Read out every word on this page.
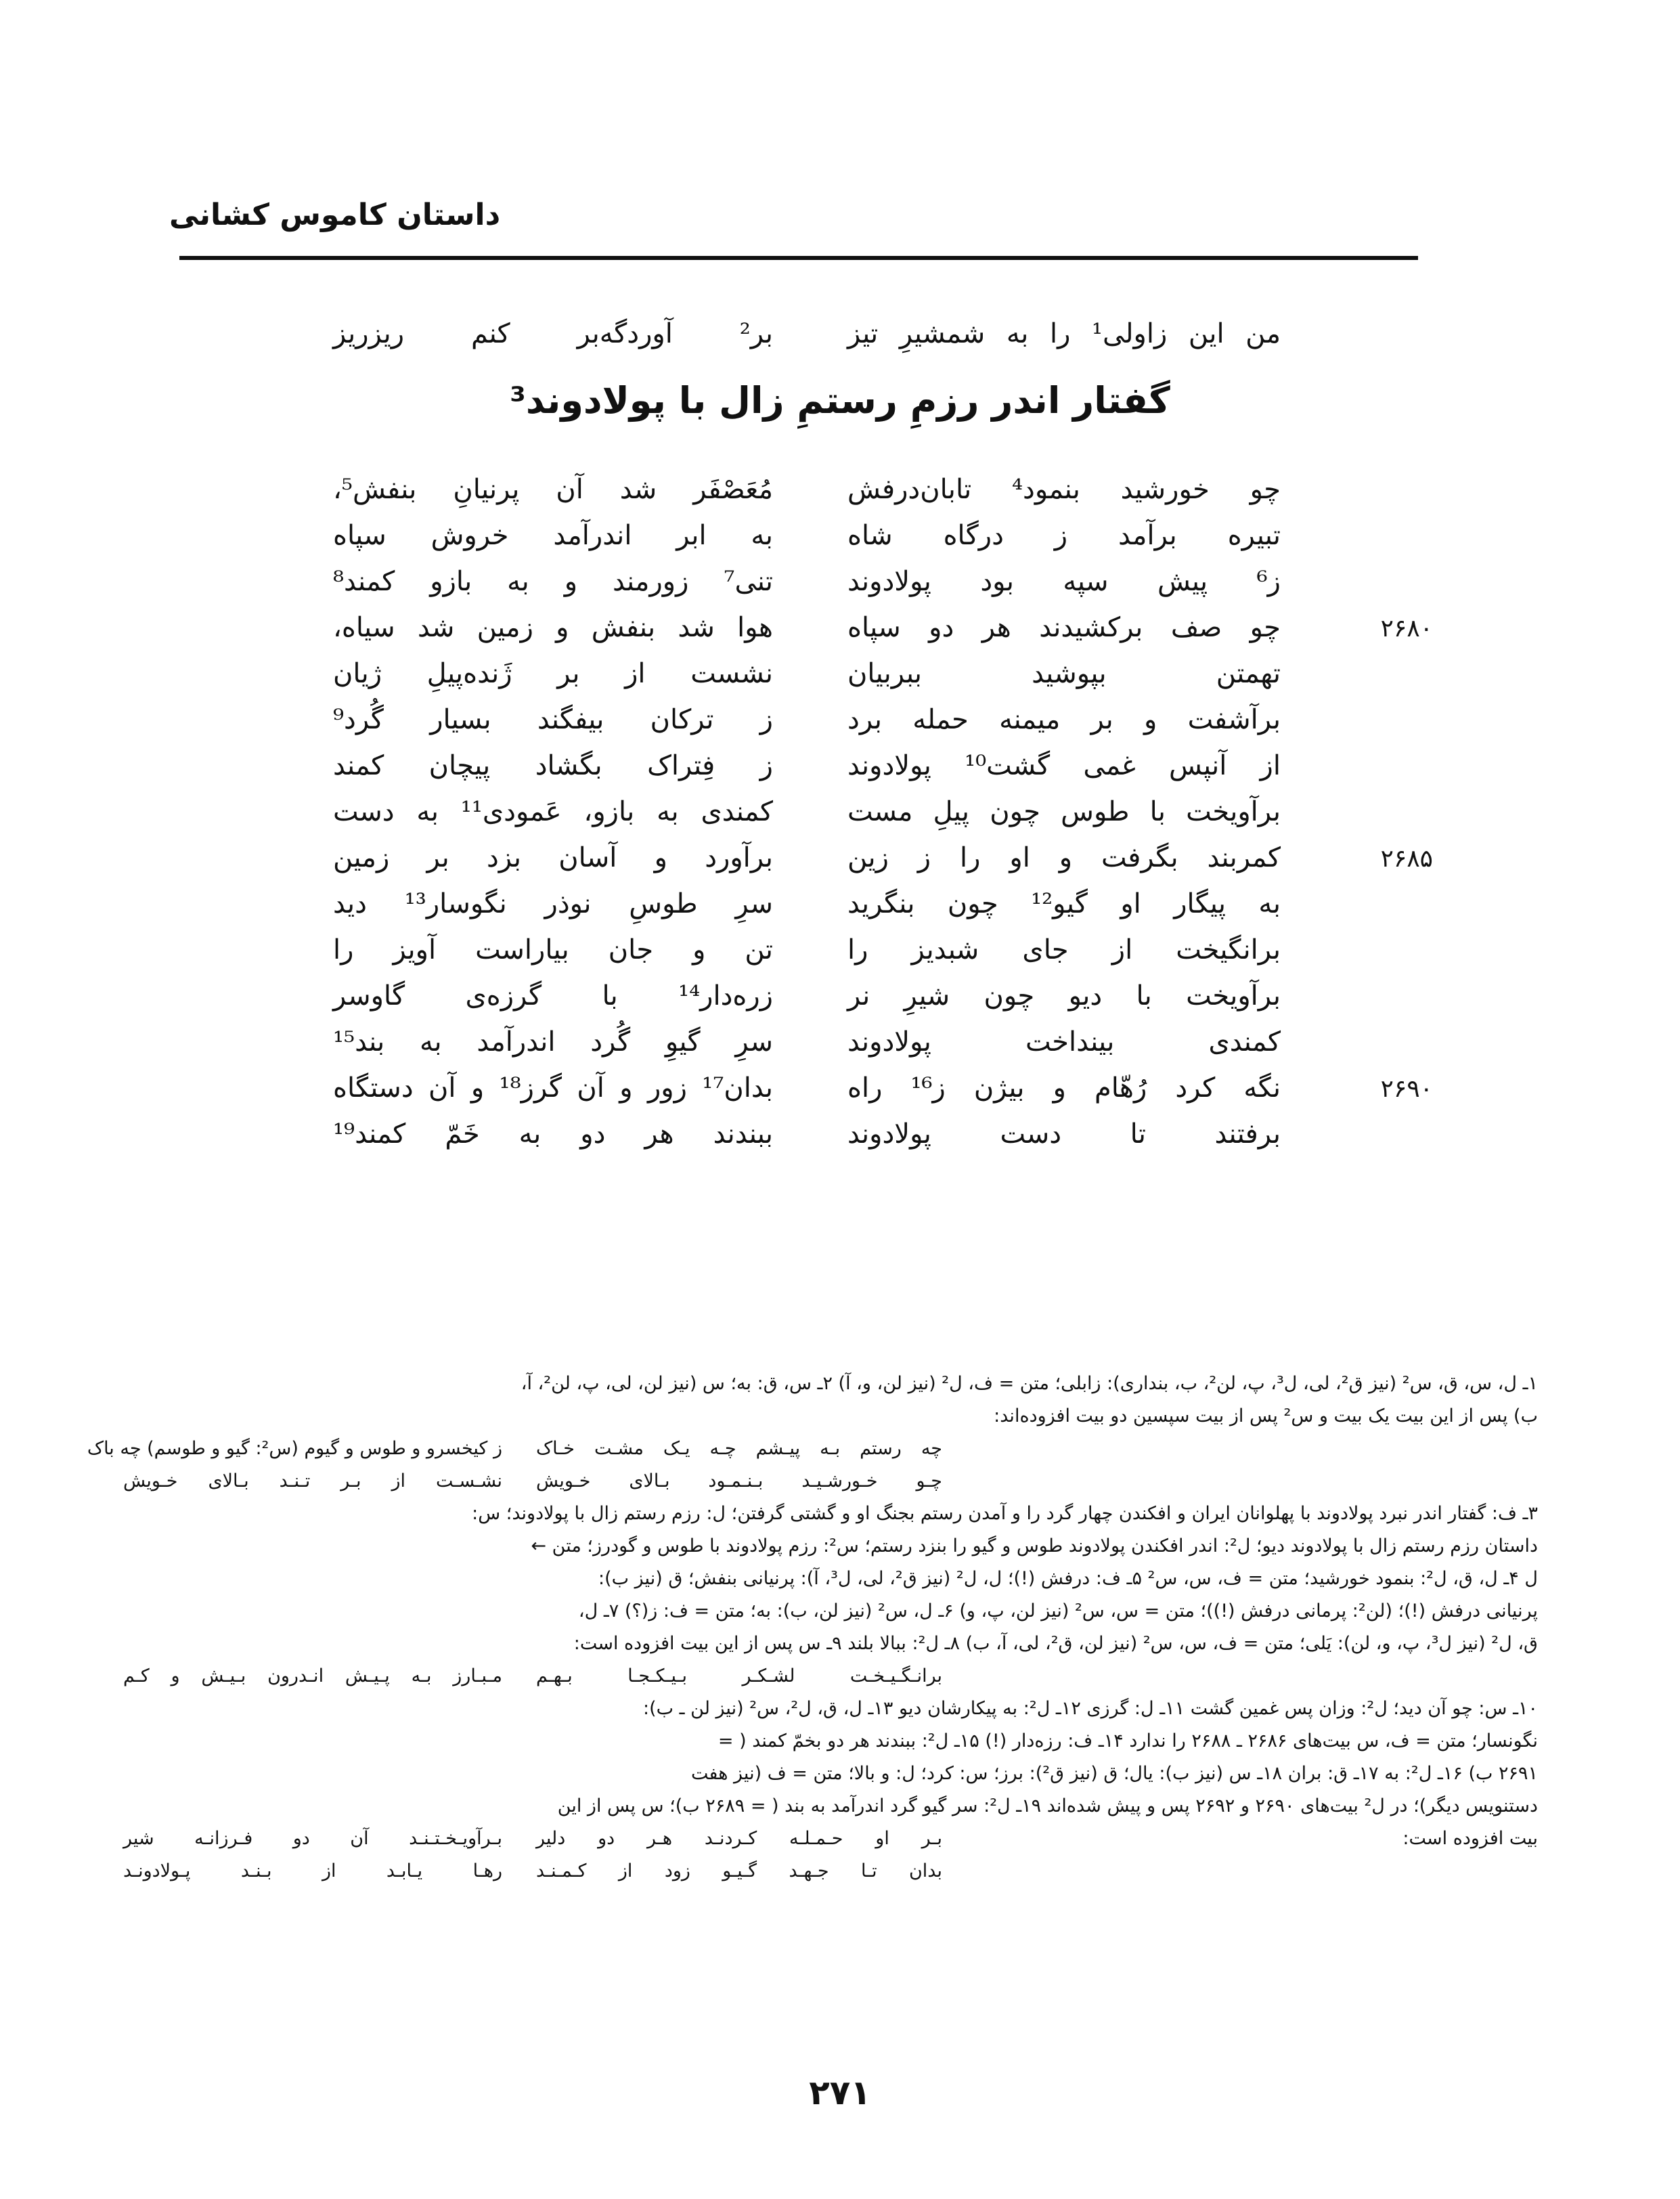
داستان کاموس کشانی
من این زاولی¹ را به شمشیرِ تیز
بر² آوردگه‌بر کنم ریزریز
گفتار اندر رزمِ رستمِ زال با پولادوند³
چو خورشید بنمود⁴ تابان‌درفش
مُعَصْفَر شد آن پرنیانِ بنفش⁵،
تبیره برآمد ز درگاه شاه
به ابر اندرآمد خروش سپاه
ز⁶ پیش سپه بود پولادوند
تنی⁷ زورمند و به بازو کمند⁸
۲۶۸۰
چو صف برکشیدند هر دو سپاه
هوا شد بنفش و زمین شد سیاه،
تهمتن بپوشید ببربیان
نشست از بر ژَنده‌پیلِ ژیان
برآشفت و بر میمنه حمله برد
ز ترکان بیفگند بسیار گُرد⁹
از آنپس غمی گشت¹⁰ پولادوند
ز فِتراک بگشاد پیچان کمند
برآویخت با طوس چون پیلِ مست
کمندی به بازو، عَمودی¹¹ به دست
۲۶۸۵
کمربند بگرفت و او را ز زین
برآورد و آسان بزد بر زمین
به پیگار او گیو¹² چون بنگرید
سرِ طوسِ نوذر نگوسار¹³ دید
برانگیخت از جای شبدیز را
تن و جان بیاراست آویز را
برآویخت با دیو چون شیرِ نر
زره‌دار¹⁴ با گرزه‌ی گاوسر
کمندی بینداخت پولادوند
سرِ گیوِ گُرد اندرآمد به بند¹⁵
۲۶۹۰
نگه کرد رُهّام و بیژن ز¹⁶ راه
بدان¹⁷ زور و آن گرز¹⁸ و آن دستگاه
برفتند تا دست پولادوند
ببندند هر دو به خَمّ کمند¹⁹
۱ـ ل، س، ق، س² (نیز ق²، لی، ل³، پ، لن²، ب، بنداری): زابلی؛ متن = ف، ل² (نیز لن، و، آ) ۲ـ س، ق: به؛ س (نیز لن، لی، پ، لن²، آ،
ب) پس از این بیت یک بیت و س² پس از بیت سپسین دو بیت افزوده‌اند:
چه رستم بـه پیـشم چـه یـک مشـت خـاک
ز کیخسرو و طوس و گیوم (س²: گیو و طوسم) چه باک
چـو خـورشـیـد بـنـمـود بـالای خـویش
نشـسـت از بـر تـنـد بـالای خـویش
۳ـ ف: گفتار اندر نبرد پولادوند با پهلوانان ایران و افکندن چهار گرد را و آمدن رستم بجنگ او و گشتی گرفتن؛ ل: رزم رستم زال با پولادوند؛ س:
داستان رزم رستم زال با پولادوند دیو؛ ل²: اندر افکندن پولادوند طوس و گیو را بنزد رستم؛ س²: رزم پولادوند با طوس و گودرز؛ متن ←
ل ۴ـ ل، ق، ل²: بنمود خورشید؛ متن = ف، س، س² ۵ـ ف: درفش (!)؛ ل، ل² (نیز ق²، لی، ل³، آ): پرنیانی بنفش؛ ق (نیز ب):
پرنیانی درفش (!)؛ (لن²: پرمانی درفش (!))؛ متن = س، س² (نیز لن، پ، و) ۶ـ ل، س² (نیز لن، ب): به؛ متن = ف: ز(؟) ۷ـ ل،
ق، ل² (نیز ل³، پ، و، لن): یَلی؛ متن = ف، س، س² (نیز لن، ق²، لی، آ، ب) ۸ـ ل²: ببالا بلند ۹ـ س پس از این بیت افزوده است:
برانـگـیـخـت لشـکـر بـیـکـجـا بـهـم
مـبـارز بـه پـیـش انـدرون بـیـش و کـم
۱۰ـ س: چو آن دید؛ ل²: وزان پس غمین گشت ۱۱ـ ل: گرزی ۱۲ـ ل²: به پیکارشان دیو ۱۳ـ ل، ق، ل²، س² (نیز لن ـ ب):
نگونسار؛ متن = ف، س بیت‌های ۲۶۸۶ ـ ۲۶۸۸ را ندارد ۱۴ـ ف: رزه‌دار (!) ۱۵ـ ل²: ببندند هر دو بخمّ کمند ( =
۲۶۹۱ ب) ۱۶ـ ل²: به ۱۷ـ ق: بران ۱۸ـ س (نیز ب): یال؛ ق (نیز ق²): برز؛ س: کرد؛ ل: و بالا؛ متن = ف (نیز هفت
دستنویس دیگر)؛ در ل² بیت‌های ۲۶۹۰ و ۲۶۹۲ پس و پیش شده‌اند ۱۹ـ ل²: سر گیو گرد اندرآمد به بند ( = ۲۶۸۹ ب)؛ س پس از این
بیت افزوده است:
بـر او حـمـلـه کـردنـد هـر دو دلیر
بـرآویـخـتـنـد آن دو فـرزانـه شیر
بدان تـا جـهـد گـیـو زود از کـمـنـد
رهـا یـابـد از بـنـد پـولادونـد
۲۷۱
